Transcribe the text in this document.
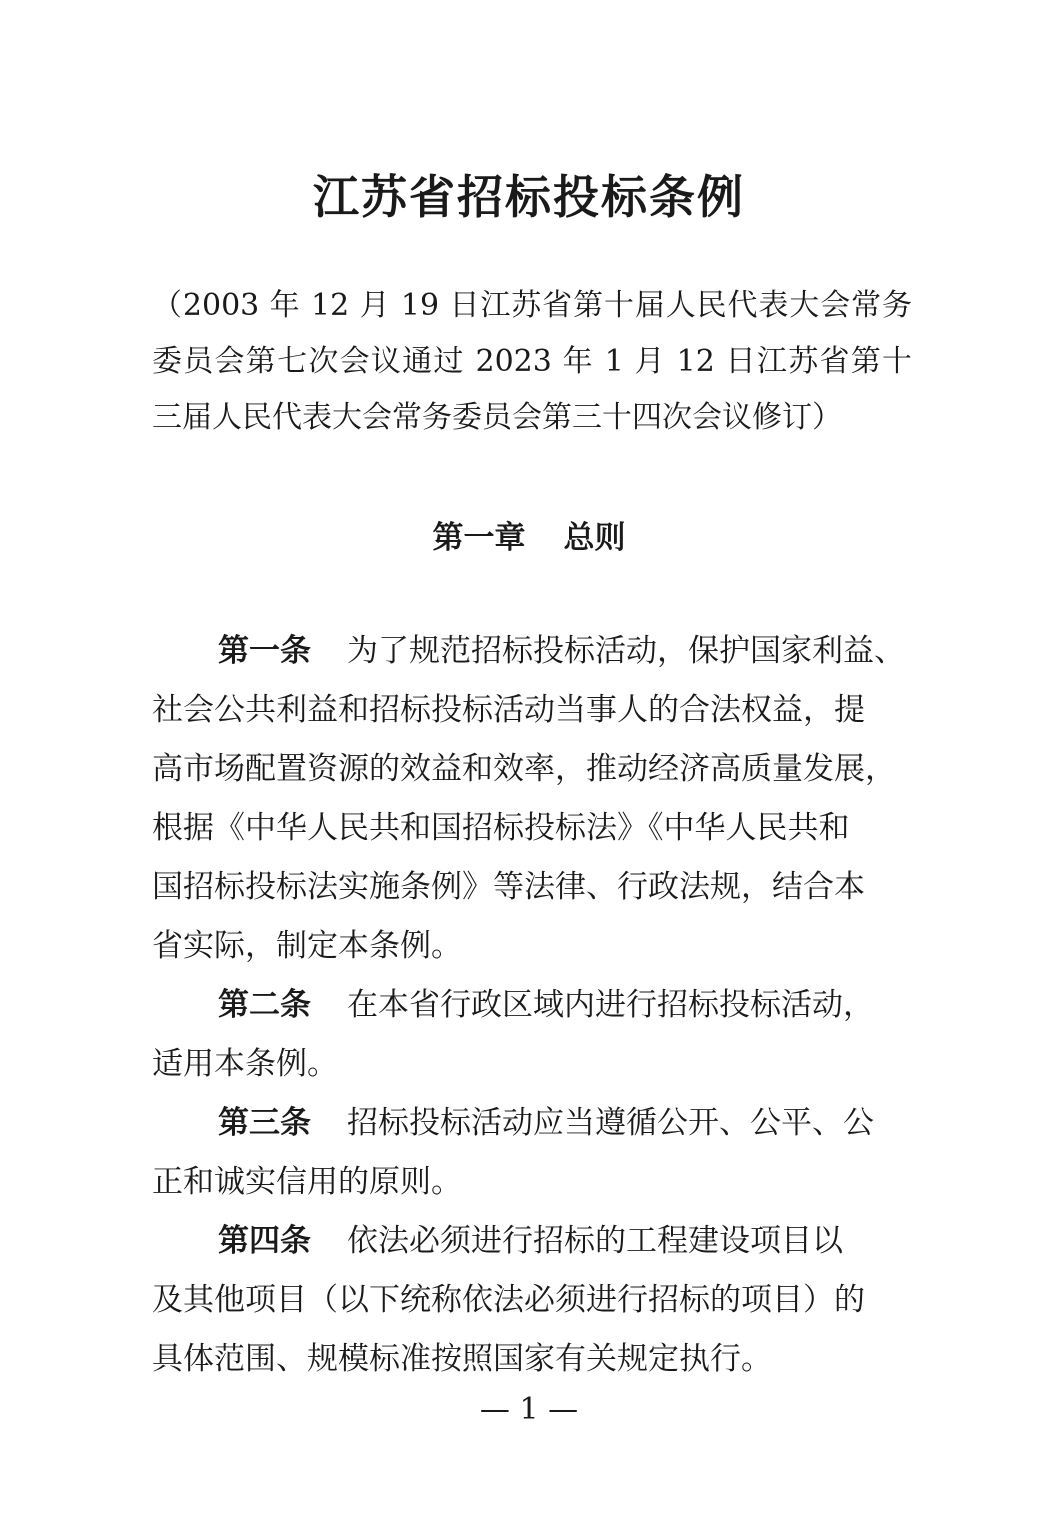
江苏省招标投标条例
（2003 年 12 月 19 日江苏省第十届人民代表大会常务
委员会第七次会议通过 2023 年 1 月 12 日江苏省第十
三届人民代表大会常务委员会第三十四次会议修订）
第一章 总则
第一条 为了规范招标投标活动，保护国家利益、
社会公共利益和招标投标活动当事人的合法权益，提
高市场配置资源的效益和效率，推动经济高质量发展，
根据《中华人民共和国招标投标法》《中华人民共和
国招标投标法实施条例》等法律、行政法规，结合本
省实际，制定本条例。
第二条 在本省行政区域内进行招标投标活动，
适用本条例。
第三条 招标投标活动应当遵循公开、公平、公
正和诚实信用的原则。
第四条 依法必须进行招标的工程建设项目以
及其他项目（以下统称依法必须进行招标的项目）的
具体范围、规模标准按照国家有关规定执行。
— 1 —
